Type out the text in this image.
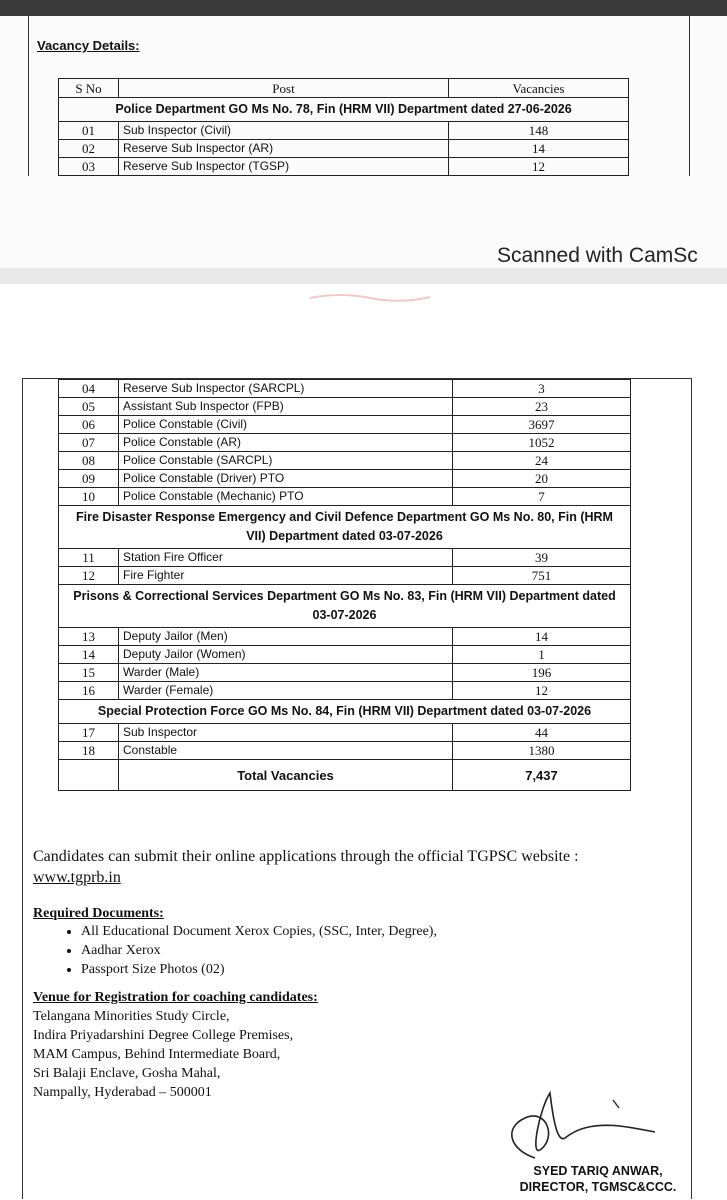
Vacancy Details:
S No	Post	Vacancies
Police Department GO Ms No. 78, Fin (HRM VII) Department dated 27-06-2026		
01	Sub Inspector (Civil)	148
02	Reserve Sub Inspector (AR)	14
03	Reserve Sub Inspector (TGSP)	12
Scanned with CamSc
04	Reserve Sub Inspector (SARCPL)	3
05	Assistant Sub Inspector (FPB)	23
06	Police Constable (Civil)	3697
07	Police Constable (AR)	1052
08	Police Constable (SARCPL)	24
09	Police Constable (Driver) PTO	20
10	Police Constable (Mechanic) PTO	7
Fire Disaster Response Emergency and Civil Defence Department GO Ms No. 80, Fin (HRM VII) Department dated 03-07-2026		
11	Station Fire Officer	39
12	Fire Fighter	751
Prisons & Correctional Services Department GO Ms No. 83, Fin (HRM VII) Department dated 03-07-2026		
13	Deputy Jailor (Men)	14
14	Deputy Jailor (Women)	1
15	Warder (Male)	196
16	Warder (Female)	12
Special Protection Force GO Ms No. 84, Fin (HRM VII) Department dated 03-07-2026		
17	Sub Inspector	44
18	Constable	1380
	Total Vacancies	7,437
Candidates can submit their online applications through the official TGPSC website :
www.tgprb.in
Required Documents:
• All Educational Document Xerox Copies, (SSC, Inter, Degree),
• Aadhar Xerox
• Passport Size Photos (02)
Venue for Registration for coaching candidates:
Telangana Minorities Study Circle,
Indira Priyadarshini Degree College Premises,
MAM Campus, Behind Intermediate Board,
Sri Balaji Enclave, Gosha Mahal,
Nampally, Hyderabad – 500001
SYED TARIQ ANWAR,
DIRECTOR, TGMSC&CCC.
